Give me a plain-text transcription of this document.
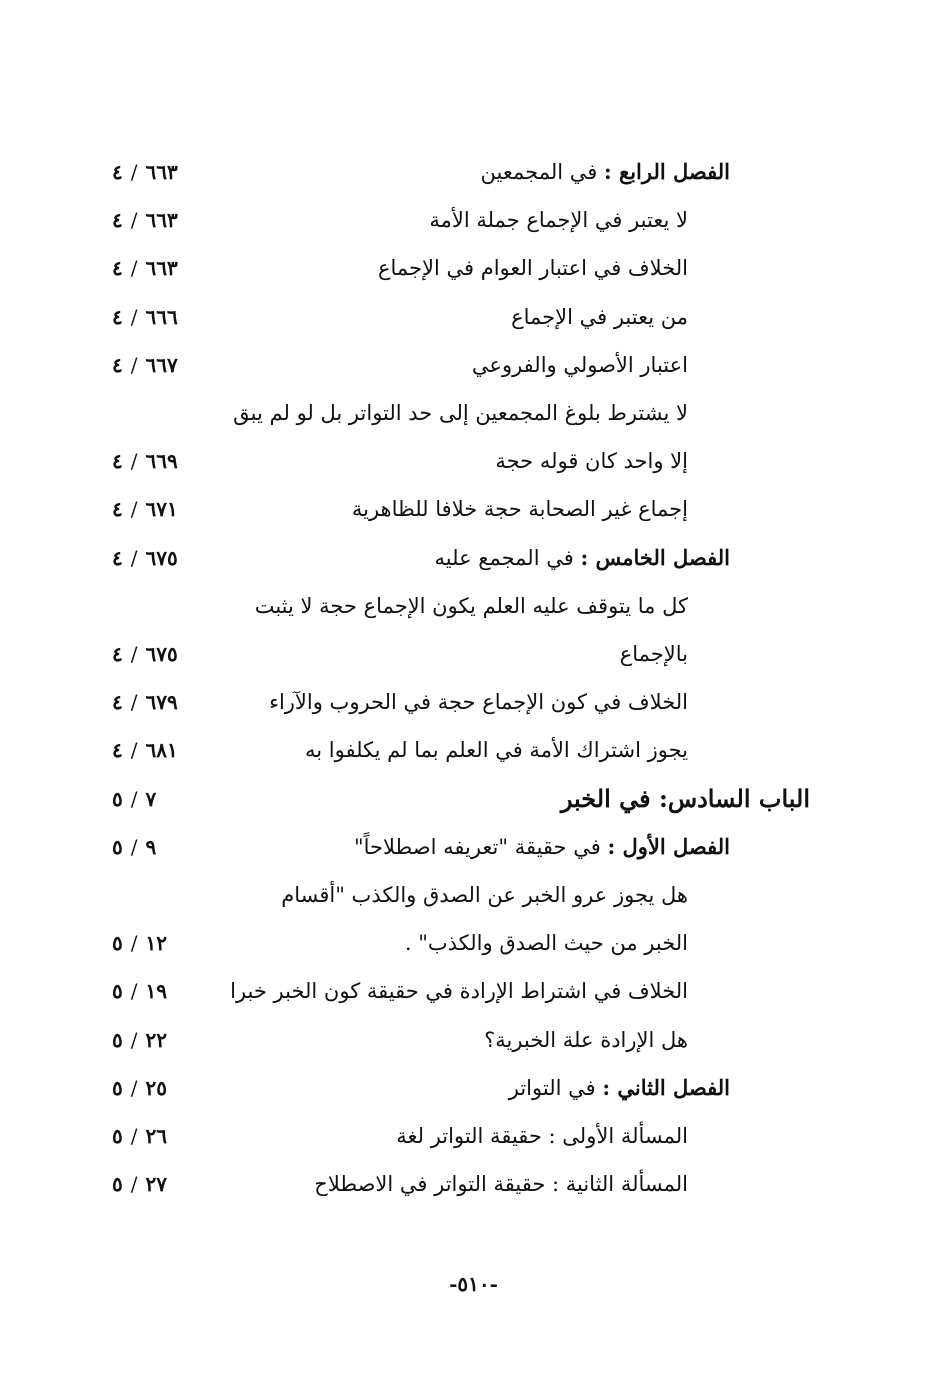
الفصل الرابع : في المجمعين
٤ / ٦٦٣
لا يعتبر في الإجماع جملة الأمة
٤ / ٦٦٣
الخلاف في اعتبار العوام في الإجماع
٤ / ٦٦٣
من يعتبر في الإجماع
٤ / ٦٦٦
اعتبار الأصولي والفروعي
٤ / ٦٦٧
لا يشترط بلوغ المجمعين إلى حد التواتر بل لو لم يبق
إلا واحد كان قوله حجة
٤ / ٦٦٩
إجماع غير الصحابة حجة خلافا للظاهرية
٤ / ٦٧١
الفصل الخامس : في المجمع عليه
٤ / ٦٧٥
كل ما يتوقف عليه العلم يكون الإجماع حجة لا يثبت
بالإجماع
٤ / ٦٧٥
الخلاف في كون الإجماع حجة في الحروب والآراء
٤ / ٦٧٩
يجوز اشتراك الأمة في العلم بما لم يكلفوا به
٤ / ٦٨١
الباب السادس: في الخبر
٥ / ٧
الفصل الأول : في حقيقة "تعريفه اصطلاحاً"
٥ / ٩
هل يجوز عرو الخبر عن الصدق والكذب "أقسام
الخبر من حيث الصدق والكذب" .
٥ / ١٢
الخلاف في اشتراط الإرادة في حقيقة كون الخبر خبرا
٥ / ١٩
هل الإرادة علة الخبرية؟
٥ / ٢٢
الفصل الثاني : في التواتر
٥ / ٢٥
المسألة الأولى : حقيقة التواتر لغة
٥ / ٢٦
المسألة الثانية : حقيقة التواتر في الاصطلاح
٥ / ٢٧
-٥١٠-
